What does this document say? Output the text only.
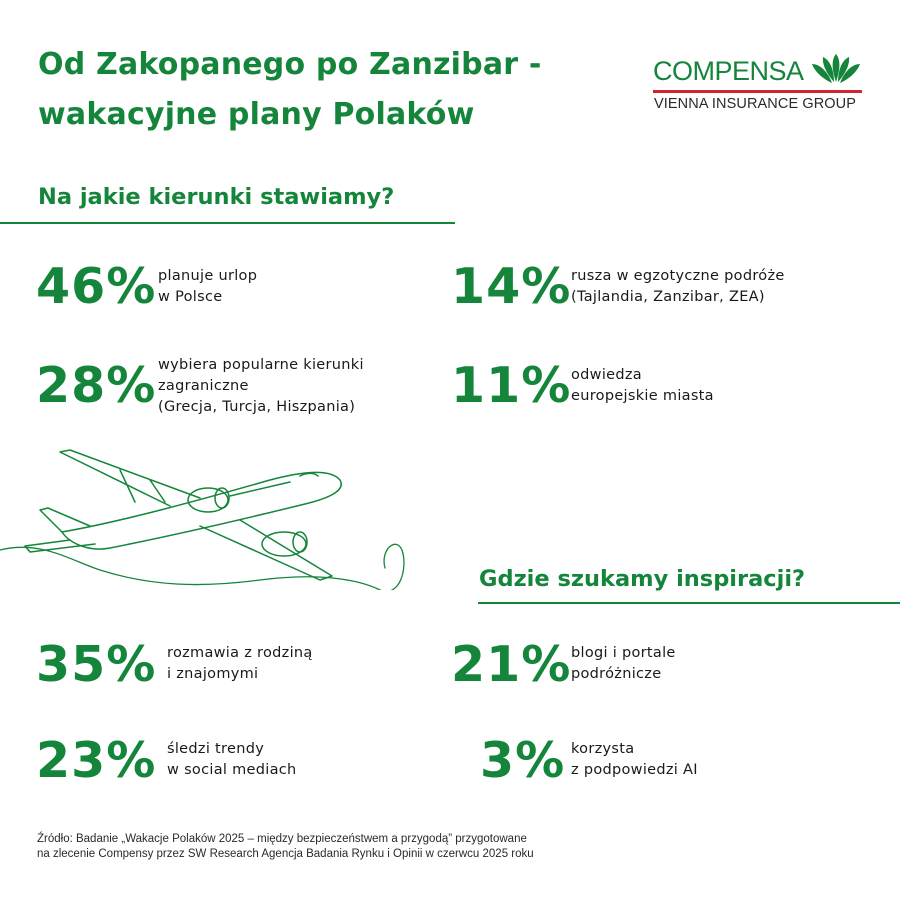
Od Zakopanego po Zanzibar -
wakacyjne plany Polaków
COMPENSA
VIENNA INSURANCE GROUP
Na jakie kierunki stawiamy?
46% planuje urlop
w Polsce	14% rusza w egzotyczne podróże
(Tajlandia, Zanzibar, ZEA)
28% wybiera popularne kierunki
zagraniczne
(Grecja, Turcja, Hiszpania) 11% odwiedza
europejskie miasta
Gdzie szukamy inspiracji?
35% rozmawia z rodziną
i znajomymi	21% blogi i portale
podróżnicze
23% śledzi trendy
w social mediach	3% korzysta
z podpowiedzi AI
Źródło: Badanie „Wakacje Polaków 2025 – między bezpieczeństwem a przygodą” przygotowane
na zlecenie Compensy przez SW Research Agencja Badania Rynku i Opinii w czerwcu 2025 roku
